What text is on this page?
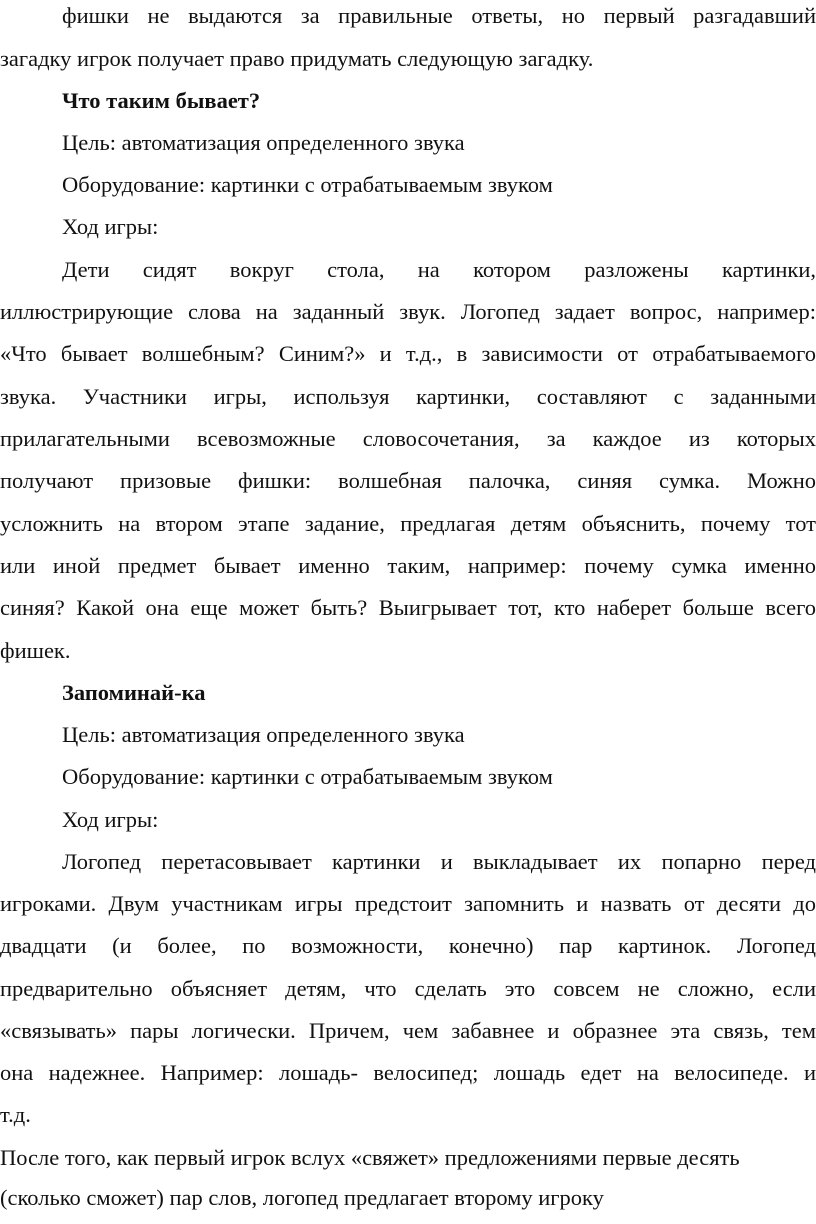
фишки не выдаются за правильные ответы, но первый разгадавший
загадку игрок получает право придумать следующую загадку.
Что таким бывает?
Цель: автоматизация определенного звука
Оборудование: картинки с отрабатываемым звуком
Ход игры:
Дети сидят вокруг стола, на котором разложены картинки,
иллюстрирующие слова на заданный звук. Логопед задает вопрос, например:
«Что бывает волшебным? Синим?» и т.д., в зависимости от отрабатываемого
звука. Участники игры, используя картинки, составляют с заданными
прилагательными всевозможные словосочетания, за каждое из которых
получают призовые фишки: волшебная палочка, синяя сумка. Можно
усложнить на втором этапе задание, предлагая детям объяснить, почему тот
или иной предмет бывает именно таким, например: почему сумка именно
синяя? Какой она еще может быть? Выигрывает тот, кто наберет больше всего
фишек.
Запоминай-ка
Цель: автоматизация определенного звука
Оборудование: картинки с отрабатываемым звуком
Ход игры:
Логопед перетасовывает картинки и выкладывает их попарно перед
игроками. Двум участникам игры предстоит запомнить и назвать от десяти до
двадцати (и более, по возможности, конечно) пар картинок. Логопед
предварительно объясняет детям, что сделать это совсем не сложно, если
«связывать» пары логически. Причем, чем забавнее и образнее эта связь, тем
она надежнее. Например: лошадь- велосипед; лошадь едет на велосипеде. и
т.д.
После того, как первый игрок вслух «свяжет» предложениями первые десять
(сколько сможет) пар слов, логопед предлагает второму игроку
